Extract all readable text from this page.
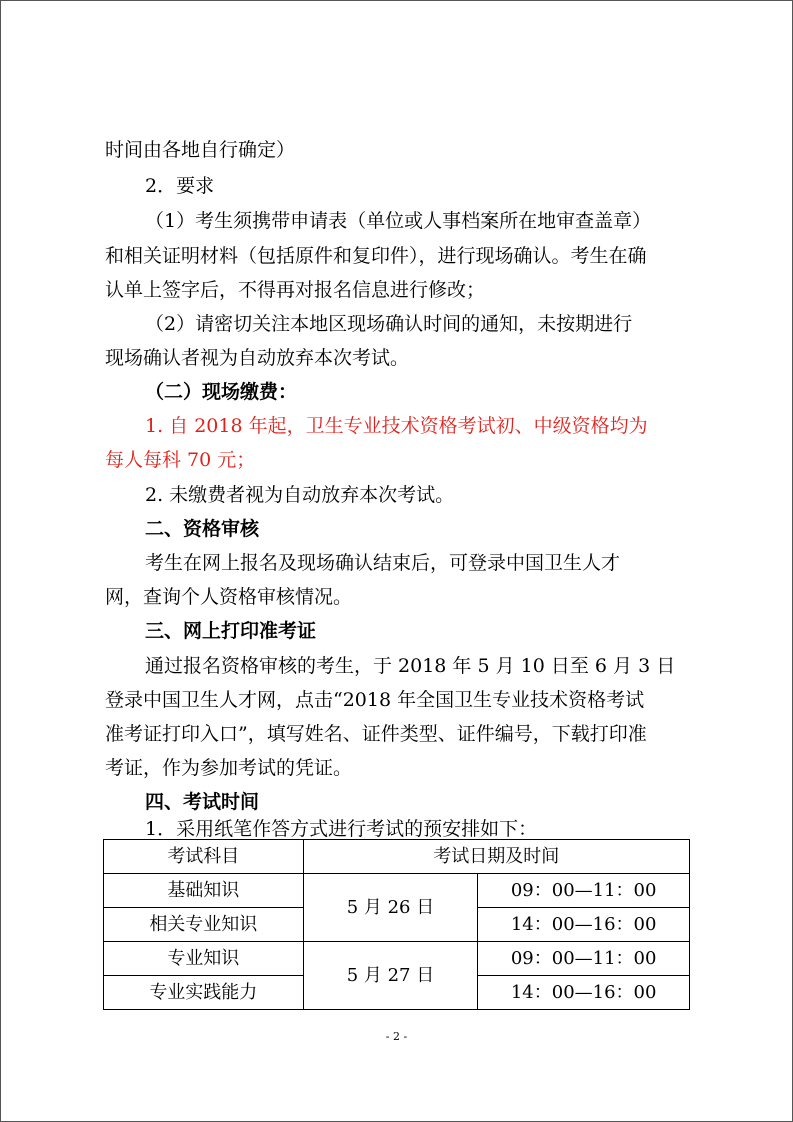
时间由各地自行确定）
2．要求
（1）考生须携带申请表（单位或人事档案所在地审查盖章）
和相关证明材料（包括原件和复印件），进行现场确认。考生在确
认单上签字后，不得再对报名信息进行修改；
（2）请密切关注本地区现场确认时间的通知，未按期进行
现场确认者视为自动放弃本次考试。
（二）现场缴费：
1. 自 2018 年起，卫生专业技术资格考试初、中级资格均为
每人每科 70 元；
2. 未缴费者视为自动放弃本次考试。
二、资格审核
考生在网上报名及现场确认结束后，可登录中国卫生人才
网，查询个人资格审核情况。
三、网上打印准考证
通过报名资格审核的考生，于 2018 年 5 月 10 日至 6 月 3 日
登录中国卫生人才网，点击“2018 年全国卫生专业技术资格考试
准考证打印入口”，填写姓名、证件类型、证件编号，下载打印准
考证，作为参加考试的凭证。
四、考试时间
1．采用纸笔作答方式进行考试的预安排如下：
考试科目	考试日期及时间	
基础知识	5 月 26 日	09：00—11：00
相关专业知识		14：00—16：00
专业知识	5 月 27 日	09：00—11：00
专业实践能力		14：00—16：00
- 2 -
